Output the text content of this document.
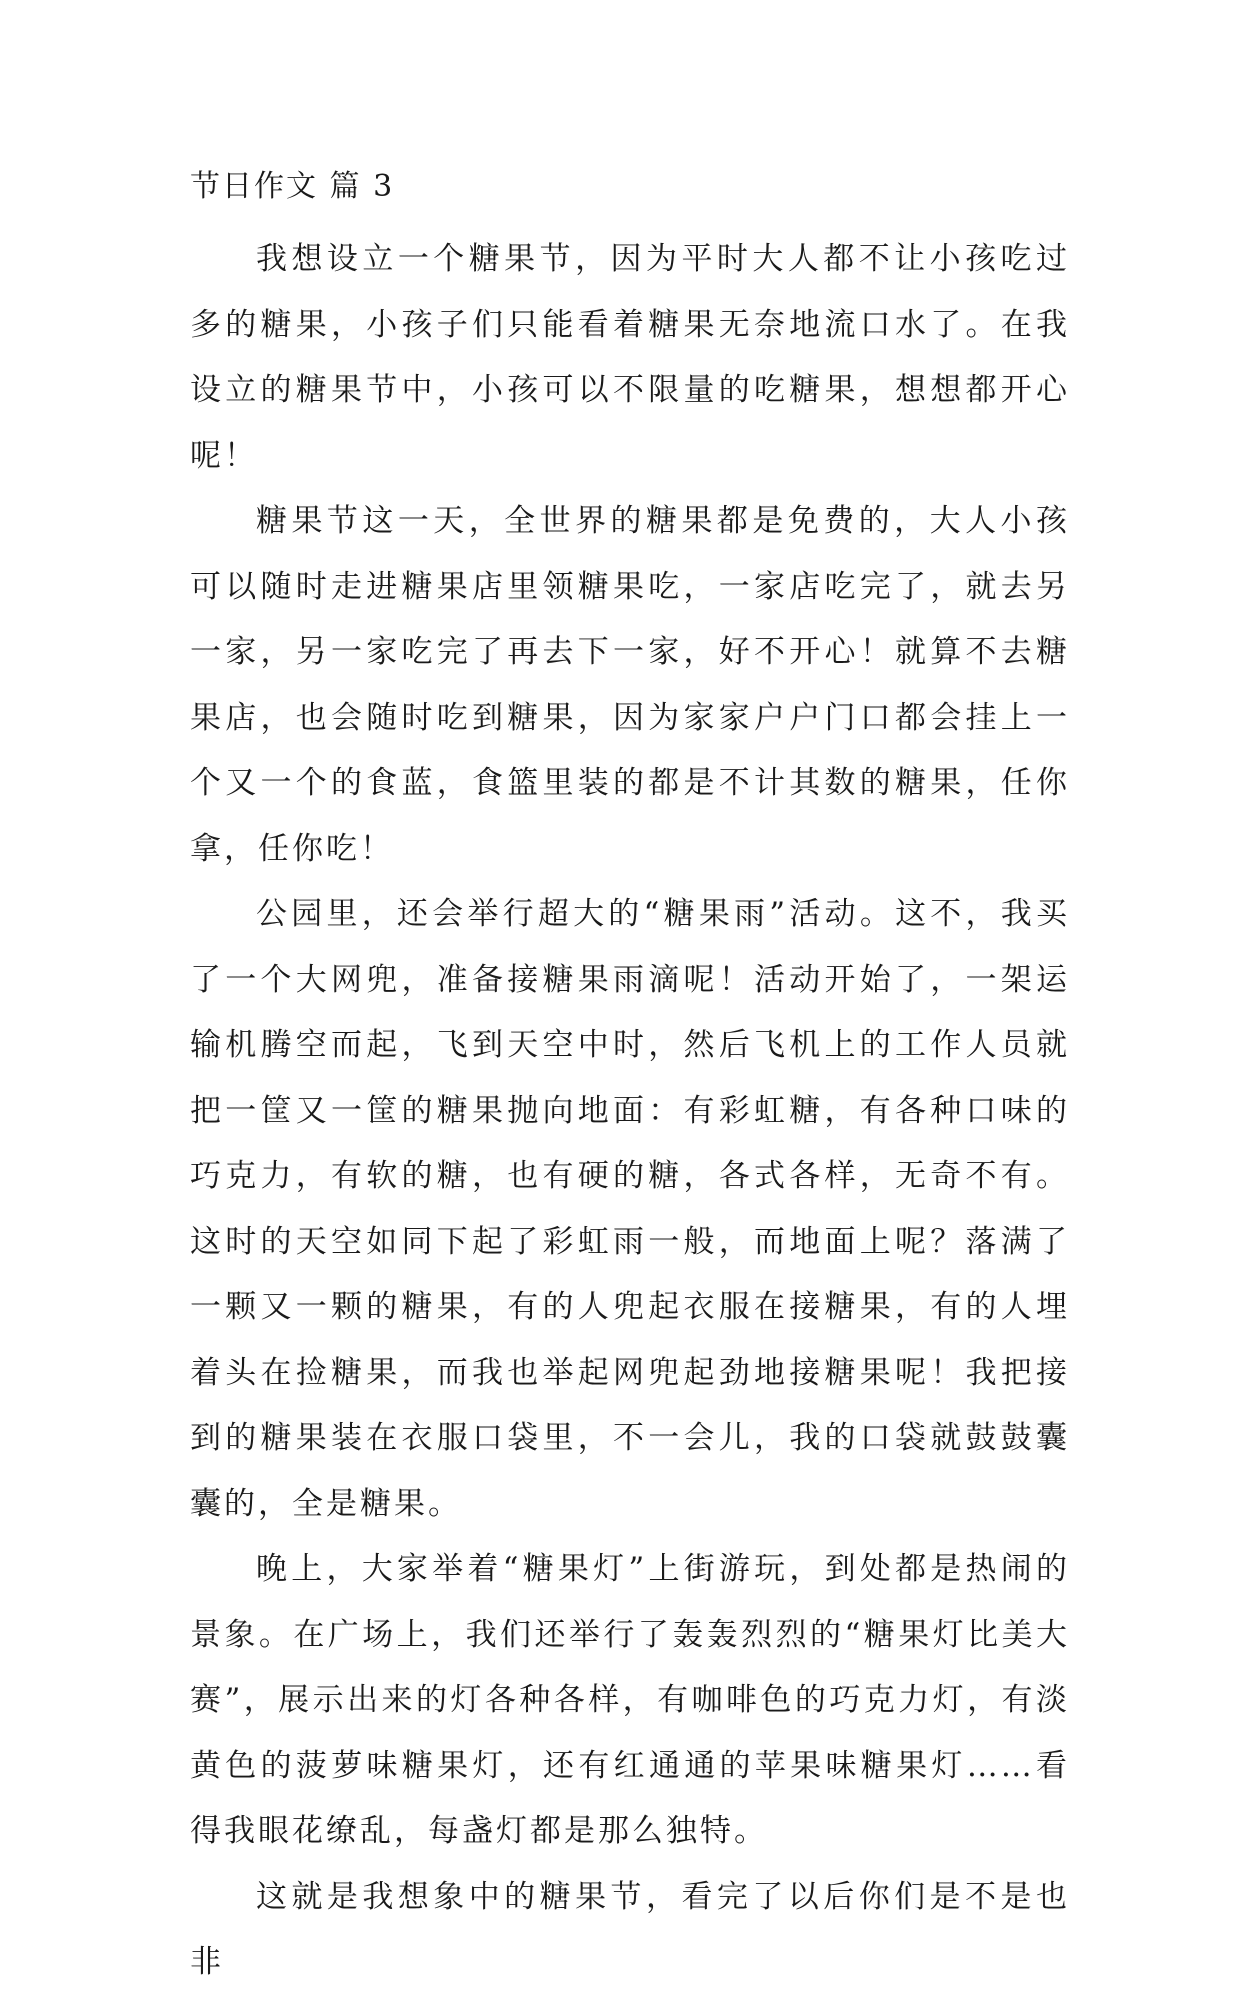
节日作文 篇 3

我想设立一个糖果节，因为平时大人都不让小孩吃过多的糖果，小孩子们只能看着糖果无奈地流口水了。在我设立的糖果节中，小孩可以不限量的吃糖果，想想都开心呢！

糖果节这一天，全世界的糖果都是免费的，大人小孩可以随时走进糖果店里领糖果吃，一家店吃完了，就去另一家，另一家吃完了再去下一家，好不开心！就算不去糖果店，也会随时吃到糖果，因为家家户户门口都会挂上一个又一个的食蓝，食篮里装的都是不计其数的糖果，任你拿，任你吃！

公园里，还会举行超大的“糖果雨”活动。这不，我买了一个大网兜，准备接糖果雨滴呢！活动开始了，一架运输机腾空而起，飞到天空中时，然后飞机上的工作人员就把一筐又一筐的糖果抛向地面：有彩虹糖，有各种口味的巧克力，有软的糖，也有硬的糖，各式各样，无奇不有。这时的天空如同下起了彩虹雨一般，而地面上呢？落满了一颗又一颗的糖果，有的人兜起衣服在接糖果，有的人埋着头在捡糖果，而我也举起网兜起劲地接糖果呢！我把接到的糖果装在衣服口袋里，不一会儿，我的口袋就鼓鼓囊囊的，全是糖果。

晚上，大家举着“糖果灯”上街游玩，到处都是热闹的景象。在广场上，我们还举行了轰轰烈烈的“糖果灯比美大赛”，展示出来的灯各种各样，有咖啡色的巧克力灯，有淡黄色的菠萝味糖果灯，还有红通通的苹果味糖果灯……看得我眼花缭乱，每盏灯都是那么独特。

这就是我想象中的糖果节，看完了以后你们是不是也非
